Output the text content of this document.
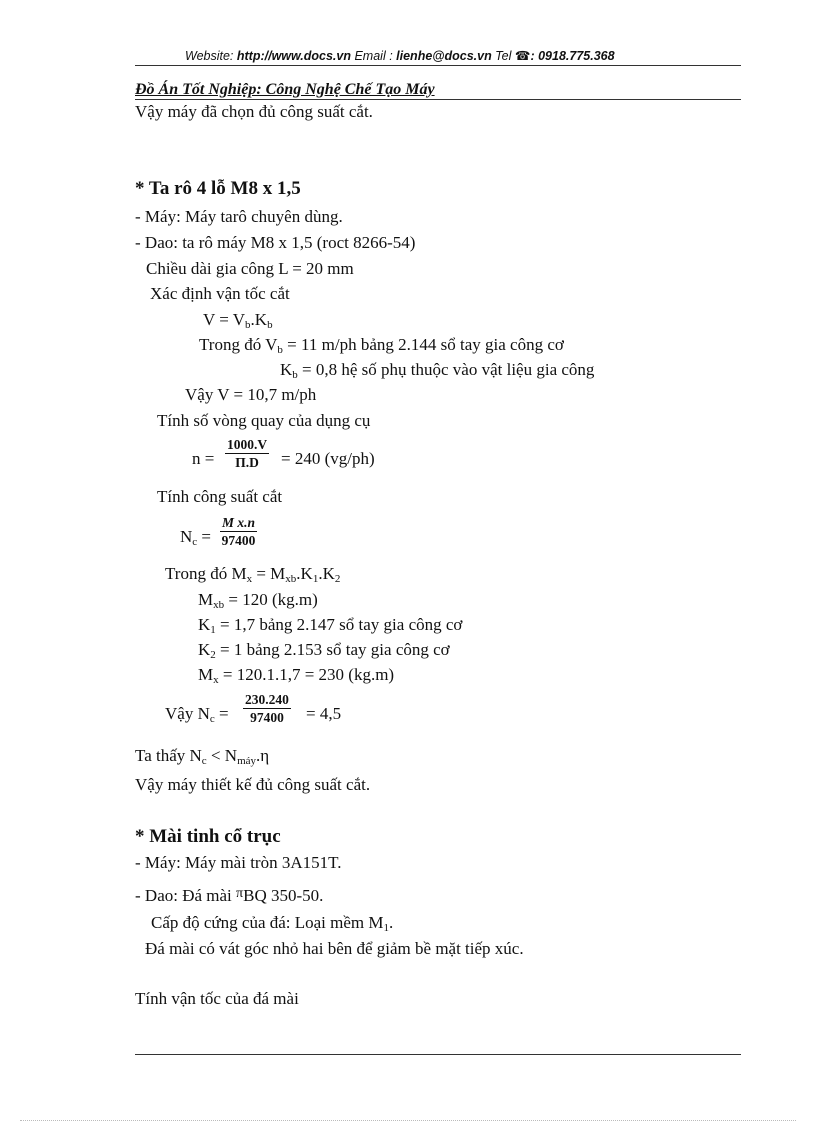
Website: http://www.docs.vn Email : lienhe@docs.vn Tel ☎: 0918.775.368
Đồ Án Tốt Nghiệp: Công Nghệ Chế Tạo Máy
Vậy máy đã chọn đủ công suất cắt.
* Ta rô 4 lỗ M8 x 1,5
- Máy: Máy tarô chuyên dùng.
- Dao: ta rô máy M8 x 1,5 (roct 8266-54)
Chiều dài gia công L = 20 mm
Xác định vận tốc cắt
$V = V_b.K_b$
Trong đó $V_b = 11$ m/ph bảng 2.144 sổ tay gia công cơ
$K_b = 0,8$ hệ số phụ thuộc vào vật liệu gia công
Vậy V = 10,7 m/ph
Tính số vòng quay của dụng cụ
$n = \frac{1000.V}{\Pi.D} = 240$ (vg/ph)
Tính công suất cắt
$N_c = \frac{\text{M x.n}}{97400}$
Trong đó $M_x = M_{xb}.K_1.K_2$
$M_{xb} = 120$ (kg.m)
$K_1 = 1,7$ bảng 2.147 sổ tay gia công cơ
$K_2 = 1$ bảng 2.153 sổ tay gia công cơ
$M_x = 120.1.1,7 = 230$ (kg.m)
Vậy $N_c = \frac{230.240}{97400} = 4,5$
Ta thấy $N_c < N_{máy}.\eta$
Vậy máy thiết kế đủ công suất cắt.
* Mài tinh cổ trục
- Máy: Máy mài tròn 3A151T.
- Dao: Đá mài $^\pi$BQ 350-50.
Cấp độ cứng của đá: Loại mềm $M_1$.
Đá mài có vát góc nhỏ hai bên để giảm bề mặt tiếp xúc.
Tính vận tốc của đá mài
